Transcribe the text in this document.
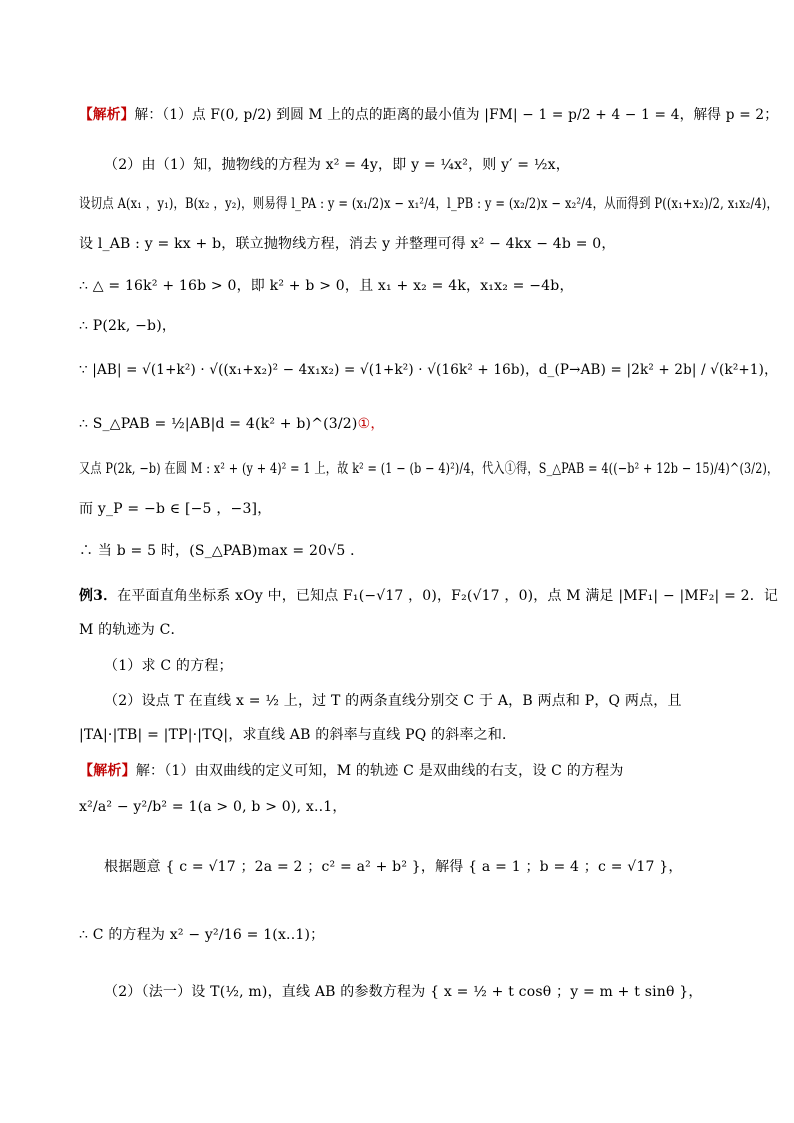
【解析】解：（1）点 F(0, p/2) 到圆 M 上的点的距离的最小值为 |FM| − 1 = p/2 + 4 − 1 = 4，解得 p = 2；
（2）由（1）知，抛物线的方程为 x² = 4y，即 y = ¼x²，则 y′ = ½x，
设切点 A(x₁ ，y₁)，B(x₂ ，y₂)，则易得 l_PA : y = (x₁/2)x − x₁²/4，l_PB : y = (x₂/2)x − x₂²/4，从而得到 P((x₁+x₂)/2, x₁x₂/4)，
设 l_AB : y = kx + b，联立抛物线方程，消去 y 并整理可得 x² − 4kx − 4b = 0，
∴ △ = 16k² + 16b > 0，即 k² + b > 0，且 x₁ + x₂ = 4k，x₁x₂ = −4b，
∴ P(2k, −b)，
∵ |AB| = √(1+k²) · √((x₁+x₂)² − 4x₁x₂) = √(1+k²) · √(16k² + 16b)，d_(P→AB) = |2k² + 2b| / √(k²+1)，
∴ S_△PAB = ½|AB|d = 4(k² + b)^(3/2)①，
又点 P(2k, −b) 在圆 M : x² + (y + 4)² = 1 上，故 k² = (1 − (b − 4)²)/4，代入①得，S_△PAB = 4((−b² + 12b − 15)/4)^(3/2)，
而 y_P = −b ∈ [−5 ，−3]，
∴ 当 b = 5 时，(S_△PAB)max = 20√5 ．
例3．在平面直角坐标系 xOy 中，已知点 F₁(−√17 ，0)，F₂(√17 ，0)，点 M 满足 |MF₁| − |MF₂| = 2．记
M 的轨迹为 C．
（1）求 C 的方程；
（2）设点 T 在直线 x = ½ 上，过 T 的两条直线分别交 C 于 A，B 两点和 P，Q 两点，且
|TA|·|TB| = |TP|·|TQ|，求直线 AB 的斜率与直线 PQ 的斜率之和．
【解析】解：（1）由双曲线的定义可知，M 的轨迹 C 是双曲线的右支，设 C 的方程为
x²/a² − y²/b² = 1(a > 0, b > 0), x..1，
根据题意 { c = √17 ；2a = 2 ；c² = a² + b² }，解得 { a = 1 ；b = 4 ；c = √17 }，
∴ C 的方程为 x² − y²/16 = 1(x..1)；
（2）（法一）设 T(½, m)，直线 AB 的参数方程为 { x = ½ + t cosθ ；y = m + t sinθ }，
